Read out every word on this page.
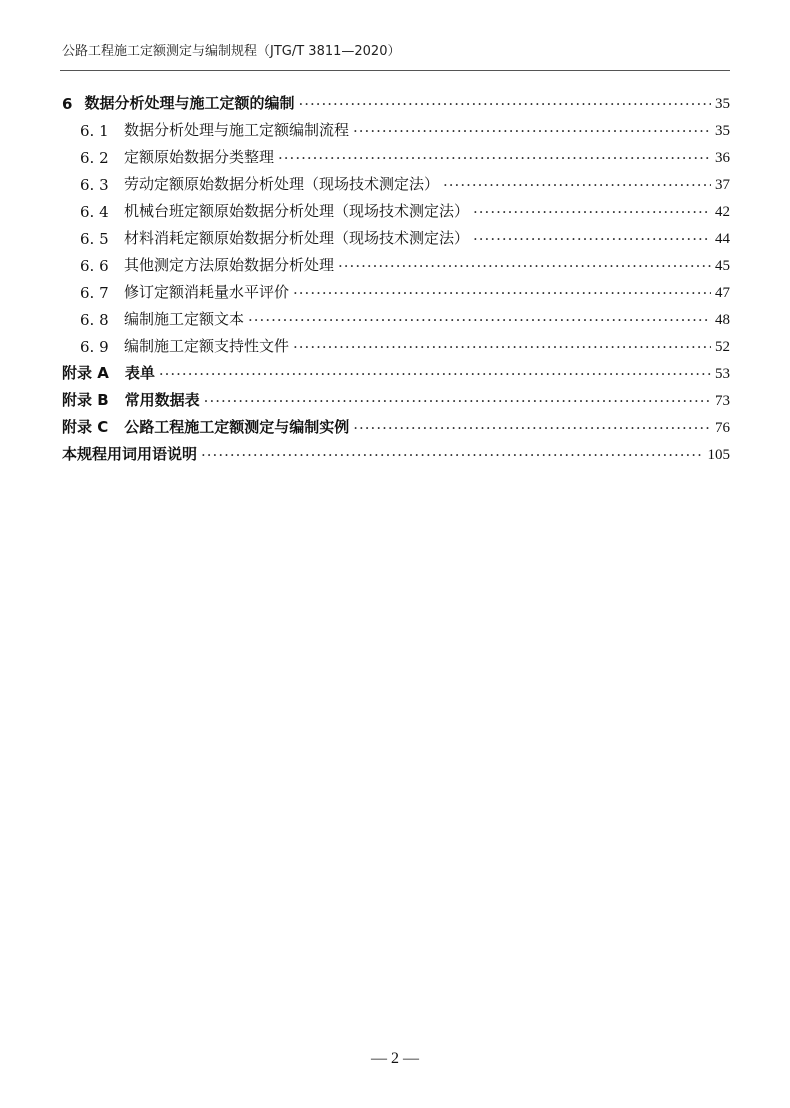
公路工程施工定额测定与编制规程（JTG/T 3811—2020）
6 数据分析处理与施工定额的编制 ·····	35
6. 1	数据分析处理与施工定额编制流程 ·····	35
6. 2	定额原始数据分类整理 ·····	36
6. 3	劳动定额原始数据分析处理（现场技术测定法） ·····	37
6. 4	机械台班定额原始数据分析处理（现场技术测定法） ·····	42
6. 5	材料消耗定额原始数据分析处理（现场技术测定法） ·····	44
6. 6	其他测定方法原始数据分析处理 ·····	45
6. 7	修订定额消耗量水平评价 ·····	47
6. 8	编制施工定额文本 ·····	48
6. 9	编制施工定额支持性文件 ·····	52
附录 A 表单 ·····	53
附录 B 常用数据表 ·····	73
附录 C 公路工程施工定额测定与编制实例 ·····	76
本规程用词用语说明 ·····	105
— 2 —
